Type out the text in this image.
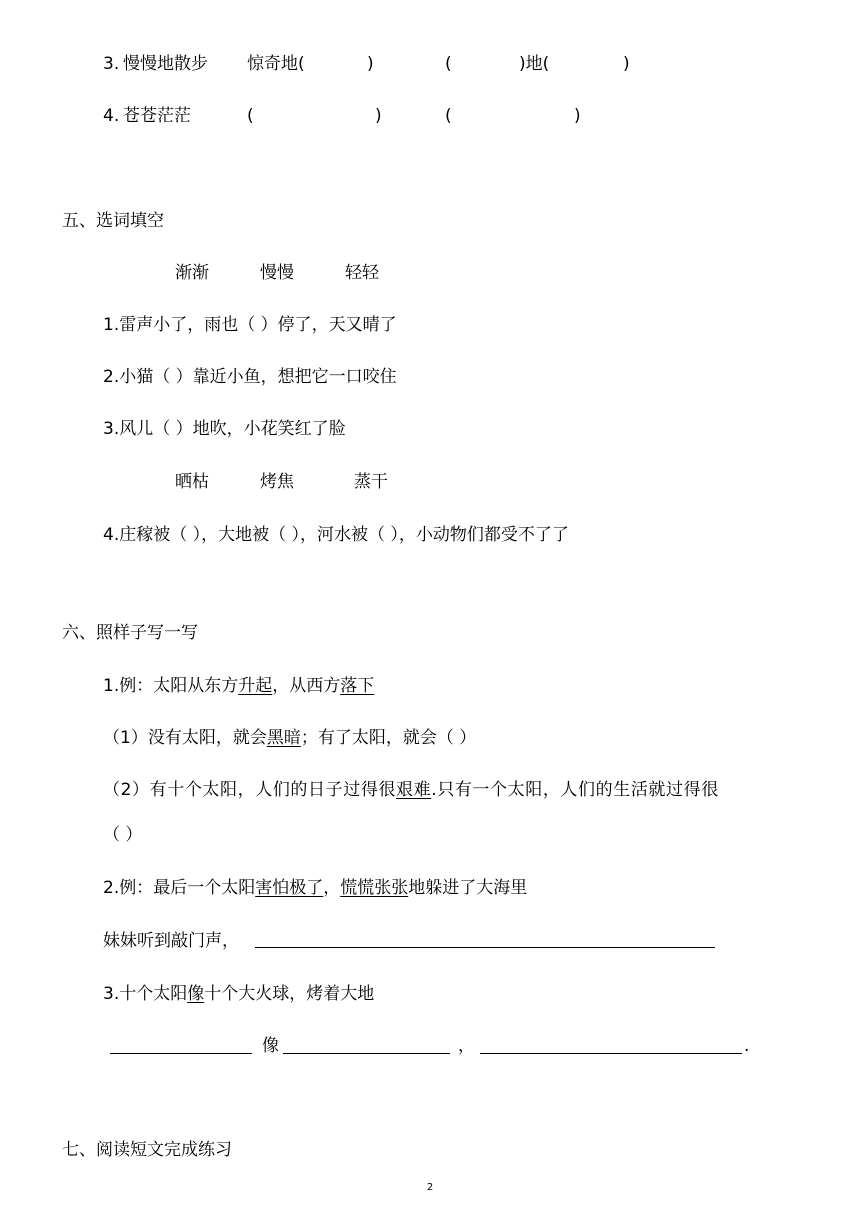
3. 慢慢地散步 惊奇地(	)	(	)地(	)
4. 苍苍茫茫	(	)	(	)
五、选词填空
渐渐	慢慢	轻轻
1.雷声小了，雨也（ ）停了，天又晴了
2.小猫（ ）靠近小鱼，想把它一口咬住
3.风儿（ ）地吹，小花笑红了脸
晒枯	烤焦	蒸干
4.庄稼被（ ），大地被（ ），河水被（ ），小动物们都受不了了
六、照样子写一写
1.例：太阳从东方升起，从西方落下
（1）没有太阳，就会黑暗；有了太阳，就会（ ）
（2）有十个太阳，人们的日子过得很艰难.只有一个太阳，人们的生活就过得很
（ ）
2.例：最后一个太阳害怕极了，慌慌张张地躲进了大海里
妹妹听到敲门声，
3.十个太阳像十个大火球，烤着大地
像	，	.
七、阅读短文完成练习
2
